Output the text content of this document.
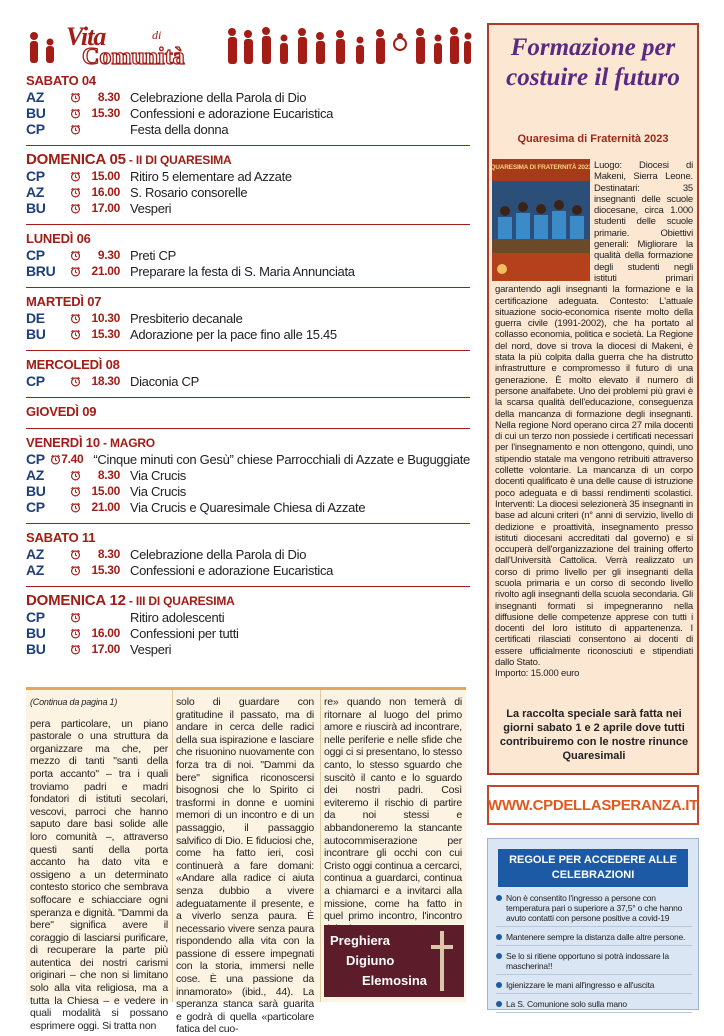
Vita	di
Comunità
SABATO 04
AZ	8.30 Celebrazione della Parola di Dio
BU	15.30 Confessioni e adorazione Eucaristica
CP	Festa della donna
DOMENICA 05 - II DI QUARESIMA
CP	15.00 Ritiro 5 elementare ad Azzate
AZ	16.00 S. Rosario consorelle
BU	17.00 Vesperi
LUNEDÌ 06
CP	9.30 Preti CP
BRU	21.00 Preparare la festa di S. Maria Annunciata
MARTEDÌ 07
DE	10.30 Presbiterio decanale
BU	15.30 Adorazione per la pace fino alle 15.45
MERCOLEDÌ 08
CP	18.30 Diaconia CP
GIOVEDÌ 09
VENERDÌ 10 - MAGRO
CP	7.40 “Cinque minuti con Gesù” chiese Parrocchiali di Azzate e Buguggiate
AZ	8.30 Via Crucis
BU	15.00 Via Crucis
CP	21.00 Via Crucis e Quaresimale Chiesa di Azzate
SABATO 11
AZ	8.30 Celebrazione della Parola di Dio
AZ	15.30 Confessioni e adorazione Eucaristica
DOMENICA 12 - III DI QUARESIMA
CP	Ritiro adolescenti
BU	16.00 Confessioni per tutti
BU	17.00 Vesperi
Formazione per costuire il futuro
Quaresima di Fraternità 2023
QUARESIMA DI FRATERNITÀ 2023 Luogo: Diocesi di Makeni, Sierra Leone. Destinatari: 35 insegnanti delle scuole diocesane, circa 1.000 studenti delle scuole primarie. Obiettivi generali: Migliorare la qualità della formazione degli studenti negli istituti primari garantendo agli insegnanti la formazione e la certificazione adeguata. Contesto: L'attuale situazione socio-economica risente molto della guerra civile (1991-2002), che ha portato al collasso economia, politica e società. La Regione del nord, dove si trova la diocesi di Makeni, è stata la più colpita dalla guerra che ha distrutto infrastrutture e compromesso il futuro di una generazione. È molto elevato il numero di persone analfabete. Uno dei problemi più gravi è la scarsa qualità dell'educazione, conseguenza della mancanza di formazione degli insegnanti. Nella regione Nord operano circa 27 mila docenti di cui un terzo non possiede i certificati necessari per l'insegnamento e non ottengono, quindi, uno stipendio statale ma vengono retribuiti attraverso collette volontarie. La mancanza di un corpo docenti qualificato è una delle cause di istruzione poco adeguata e di bassi rendimenti scolastici. Interventi: La diocesi selezionerà 35 insegnanti in base ad alcuni criteri (n° anni di servizio, livello di dedizione e proattività, insegnamento presso istituti diocesani accreditati dal governo) e si occuperà dell'organizzazione del training offerto dall'Università Cattolica. Verrà realizzato un corso di primo livello per gli insegnanti della scuola primaria e un corso di secondo livello rivolto agli insegnanti della scuola secondaria. Gli insegnanti formati si impegneranno nella diffusione delle competenze apprese con tutti i docenti del loro istituto di appartenenza. I certificati rilasciati consentono ai docenti di essere ufficialmente riconosciuti e stipendiati dallo Stato.
Importo: 15.000 euro
La raccolta speciale sarà fatta nei giorni sabato 1 e 2 aprile dove tutti contribuiremo con le nostre rinunce Quaresimali
WWW.CPDELLASPERANZA.IT
REGOLE PER ACCEDERE ALLE CELEBRAZIONI
Non è consentito l'ingresso a persone con temperatura pari o superiore a 37,5° o che hanno avuto contatti con persone positive a covid-19
Mantenere sempre la distanza dalle altre persone.
Se lo si ritiene opportuno si potrà indossare la mascherina!!
Igienizzare le mani all'ingresso e all'uscita
La S. Comunione solo sulla mano
(Continua da pagina 1)
pera particolare, un piano pastorale o una struttura da organizzare ma che, per mezzo di tanti "santi della porta accanto" – tra i quali troviamo padri e madri fondatori di istituti secolari, vescovi, parroci che hanno saputo dare basi solide alle loro comunità –, attraverso questi santi della porta accanto ha dato vita e ossigeno a un determinato contesto storico che sembrava soffocare e schiacciare ogni speranza e dignità. "Dammi da bere" significa avere il coraggio di lasciarsi purificare, di recuperare la parte più autentica dei nostri carismi originari – che non si limitano solo alla vita religiosa, ma a tutta la Chiesa – e vedere in quali modalità si possano esprimere oggi. Si tratta non
solo di guardare con gratitudine il passato, ma di andare in cerca delle radici della sua ispirazione e lasciare che risuonino nuovamente con forza tra di noi. "Dammi da bere" significa riconoscersi bisognosi che lo Spirito ci trasformi in donne e uomini memori di un incontro e di un passaggio, il passaggio salvifico di Dio. E fiduciosi che, come ha fatto ieri, così continuerà a fare domani: «Andare alla radice ci aiuta senza dubbio a vivere adeguatamente il presente, e a viverlo senza paura. È necessario vivere senza paura rispondendo alla vita con la passione di essere impegnati con la storia, immersi nelle cose. È una passione da innamorato» (ibid., 44). La speranza stanca sarà guarita e godrà di quella «particolare fatica del cuo-
re» quando non temerà di ritornare al luogo del primo amore e riuscirà ad incontrare, nelle periferie e nelle sfide che oggi ci si presentano, lo stesso canto, lo stesso sguardo che suscitò il canto e lo sguardo dei nostri padri. Così eviteremo il rischio di partire da noi stessi e abbandoneremo la stancante autocommiserazione per incontrare gli occhi con cui Cristo oggi continua a cercarci, continua a guardarci, continua a chiamarci e a invitarci alla missione, come ha fatto in quel primo incontro, l'incontro
Preghiera
Digiuno
Elemosina
